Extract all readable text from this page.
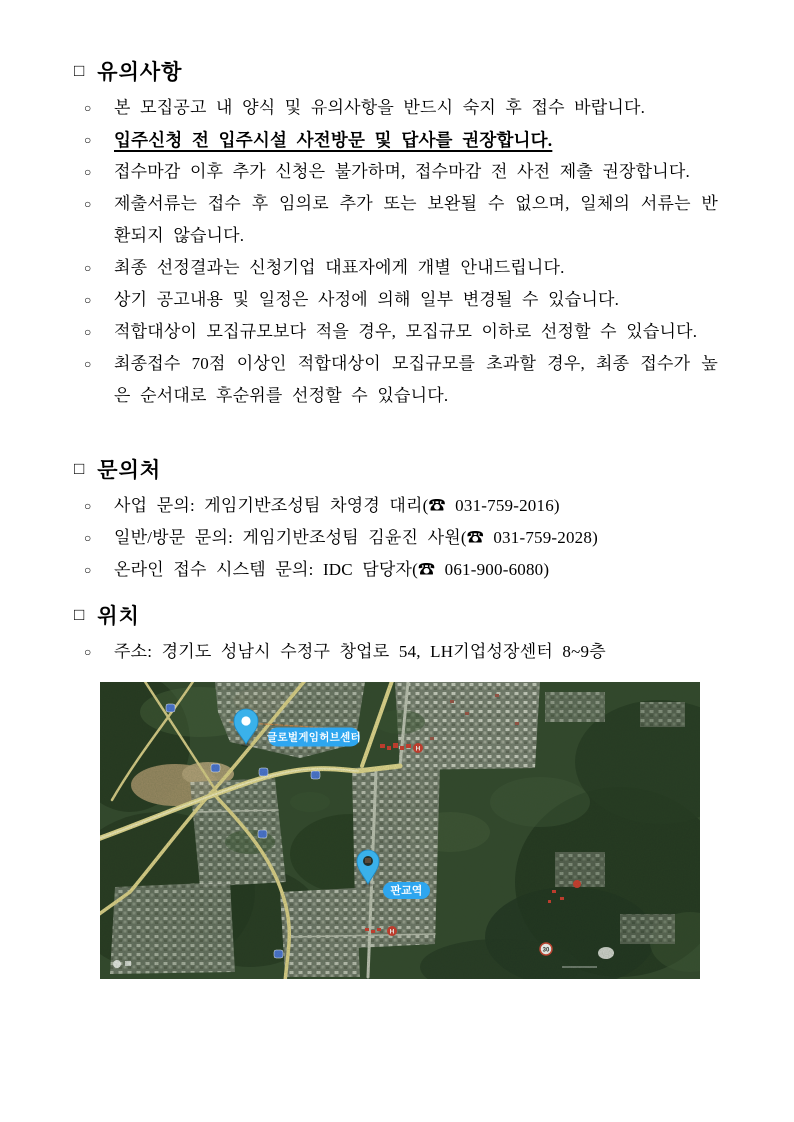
□ 유의사항
○	본 모집공고 내 양식 및 유의사항을 반드시 숙지 후 접수 바랍니다.
○	입주신청 전 입주시설 사전방문 및 답사를 권장합니다.
○	접수마감 이후 추가 신청은 불가하며, 접수마감 전 사전 제출 권장합니다.
○	제출서류는 접수 후 임의로 추가 또는 보완될 수 없으며, 일체의 서류는 반환되지 않습니다.
○	최종 선정결과는 신청기업 대표자에게 개별 안내드립니다.
○	상기 공고내용 및 일정은 사정에 의해 일부 변경될 수 있습니다.
○	적합대상이 모집규모보다 적을 경우, 모집규모 이하로 선정할 수 있습니다.
○	최종접수 70점 이상인 적합대상이 모집규모를 초과할 경우, 최종 접수가 높은 순서대로 후순위를 선정할 수 있습니다.
□ 문의처
○	사업 문의: 게임기반조성팀 차영경 대리(☎ 031-759-2016)
○	일반/방문 문의: 게임기반조성팀 김윤진 사원(☎ 031-759-2028)
○	온라인 접수 시스템 문의: IDC 담당자(☎ 061-900-6080)
□ 위치
○	주소: 경기도 성남시 수정구 창업로 54, LH기업성장센터 8~9층
글로벌게임허브센터
판교역
